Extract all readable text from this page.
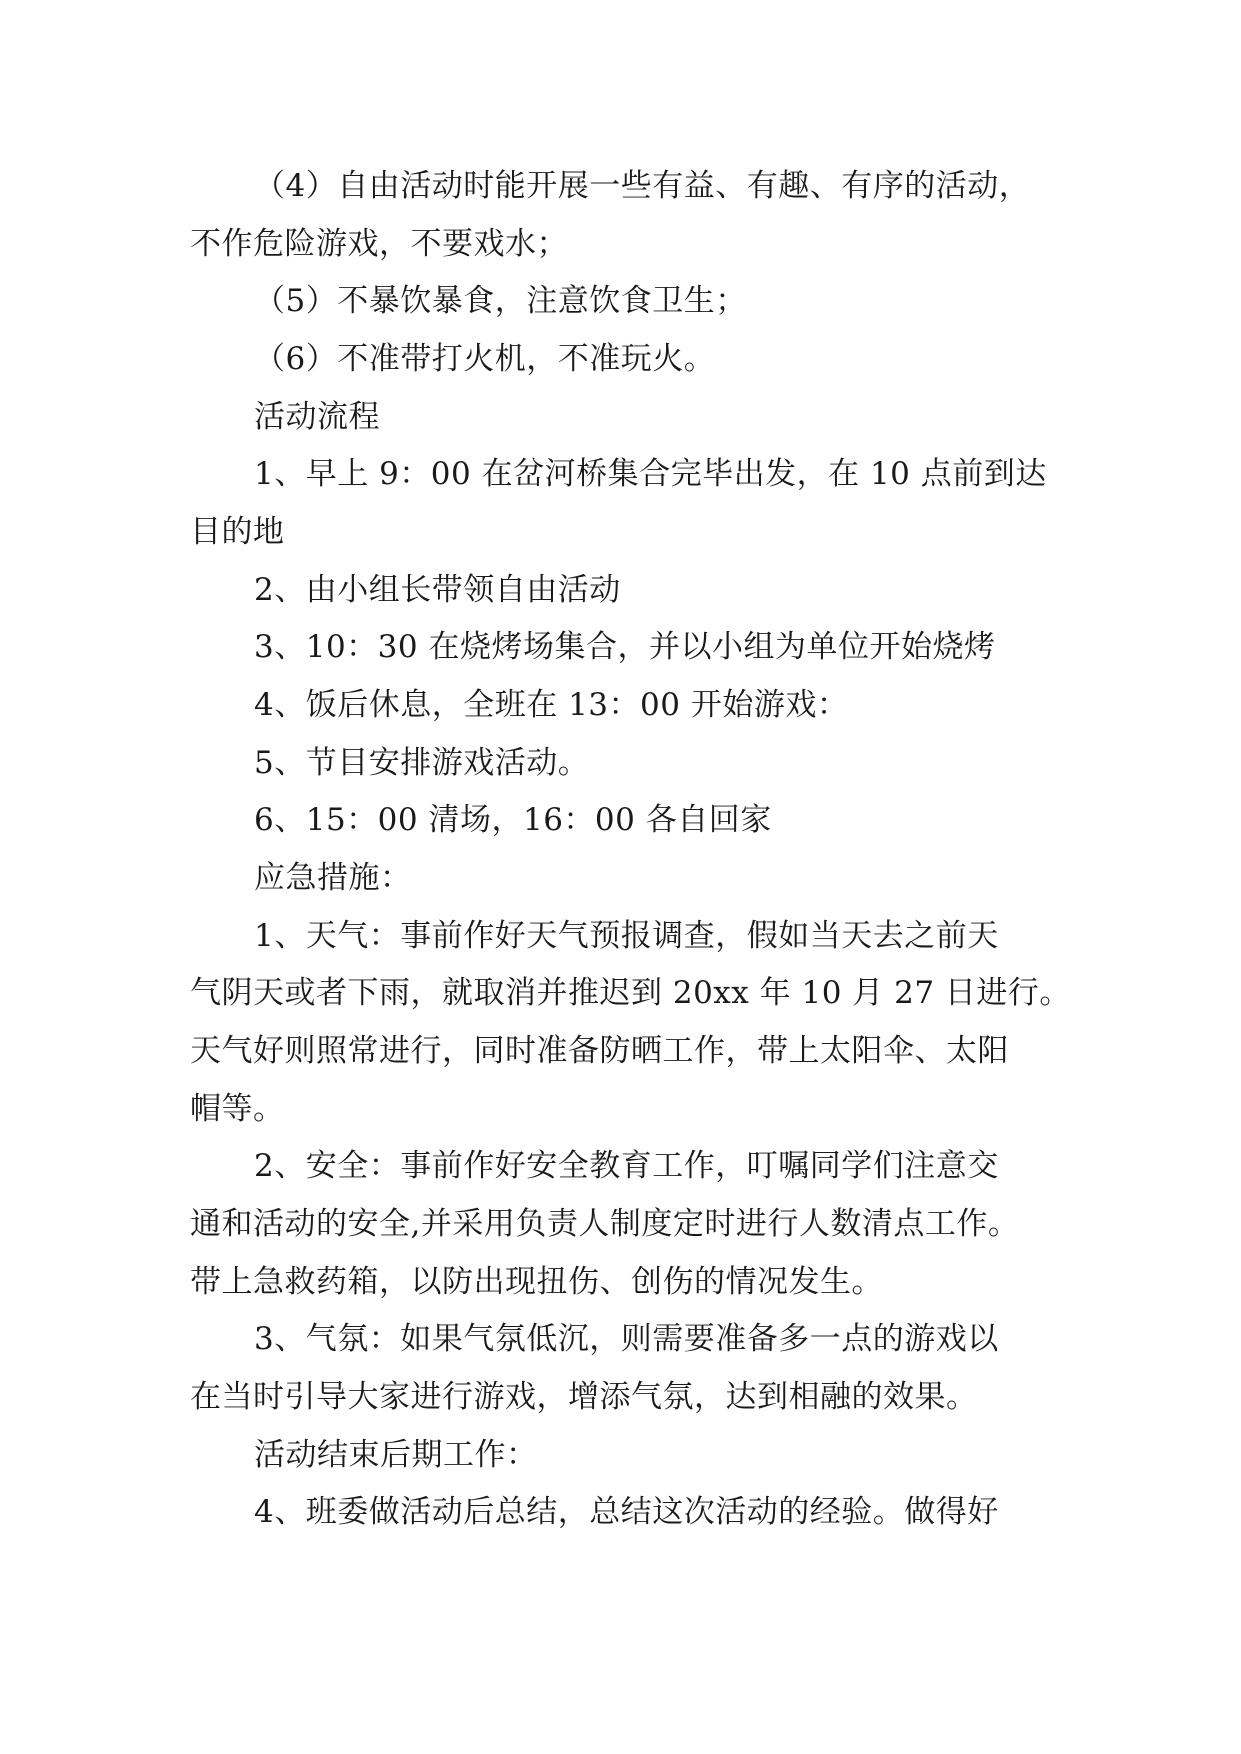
（4）自由活动时能开展一些有益、有趣、有序的活动，
不作危险游戏，不要戏水；
（5）不暴饮暴食，注意饮食卫生；
（6）不准带打火机，不准玩火。
活动流程
1、早上 9：00 在岔河桥集合完毕出发，在 10 点前到达
目的地
2、由小组长带领自由活动
3、10：30 在烧烤场集合，并以小组为单位开始烧烤
4、饭后休息，全班在 13：00 开始游戏：
5、节目安排游戏活动。
6、15：00 清场，16：00 各自回家
应急措施：
1、天气：事前作好天气预报调查，假如当天去之前天
气阴天或者下雨，就取消并推迟到 20xx 年 10 月 27 日进行。
天气好则照常进行，同时准备防晒工作，带上太阳伞、太阳
帽等。
2、安全：事前作好安全教育工作，叮嘱同学们注意交
通和活动的安全,并采用负责人制度定时进行人数清点工作。
带上急救药箱，以防出现扭伤、创伤的情况发生。
3、气氛：如果气氛低沉，则需要准备多一点的游戏以
在当时引导大家进行游戏，增添气氛，达到相融的效果。
活动结束后期工作：
4、班委做活动后总结，总结这次活动的经验。做得好
